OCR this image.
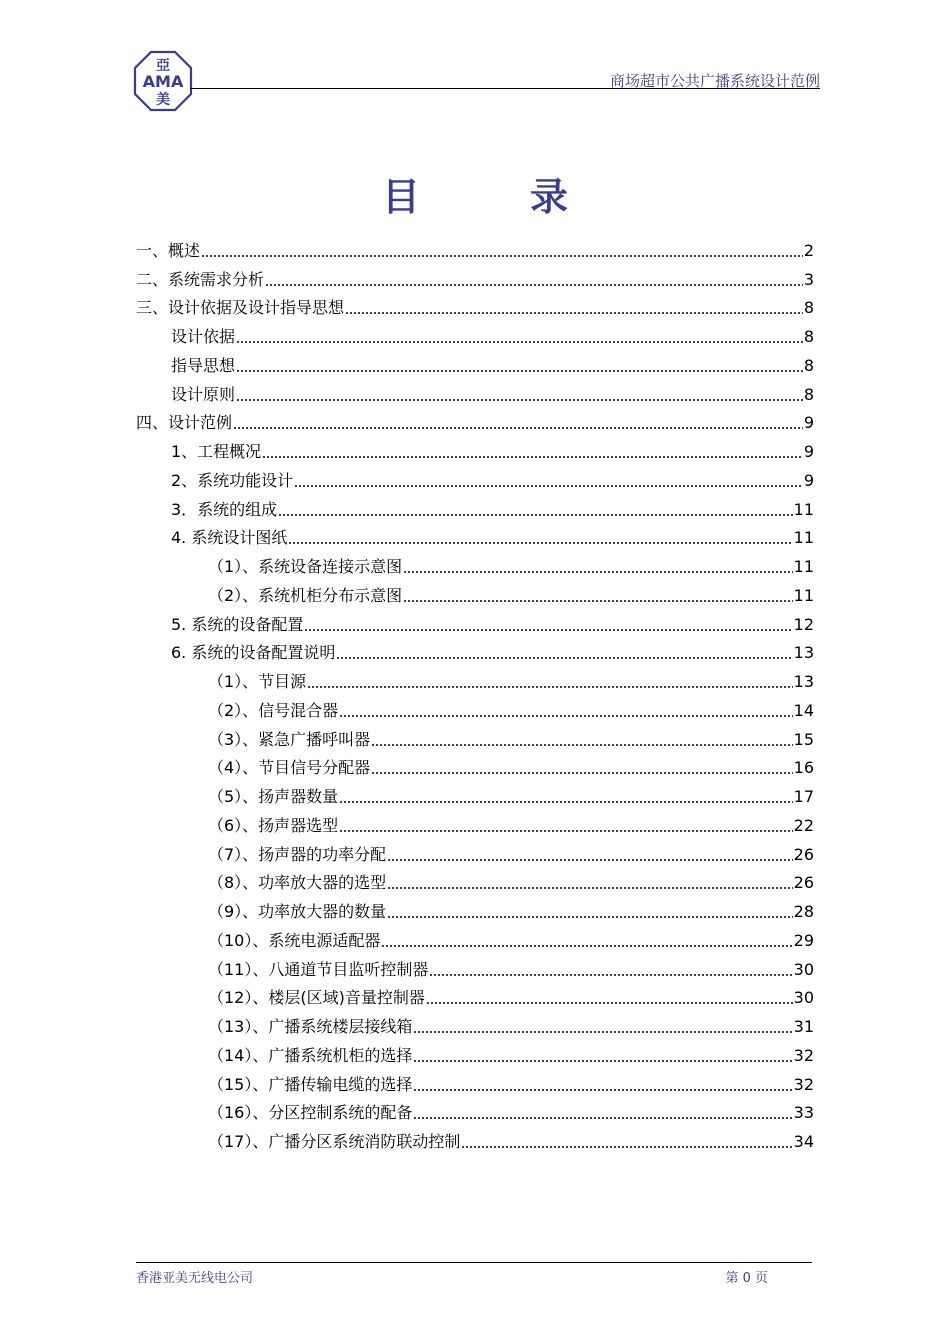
亞
AMA
美
商场超市公共广播系统设计范例
目录
一、概述	2
二、系统需求分析	3
三、设计依据及设计指导思想	8
设计依据	8
指导思想	8
设计原则	8
四、设计范例	9
1、工程概况	9
2、系统功能设计	9
3．系统的组成	11
4. 系统设计图纸	11
（1）、系统设备连接示意图	11
（2）、系统机柜分布示意图	11
5. 系统的设备配置	12
6. 系统的设备配置说明	13
（1）、节目源	13
（2）、信号混合器	14
（3）、紧急广播呼叫器	15
（4）、节目信号分配器	16
（5）、扬声器数量	17
（6）、扬声器选型	22
（7）、扬声器的功率分配	26
（8）、功率放大器的选型	26
（9）、功率放大器的数量	28
（10）、系统电源适配器	29
（11）、八通道节目监听控制器	30
（12）、楼层(区域)音量控制器	30
（13）、广播系统楼层接线箱	31
（14）、广播系统机柜的选择	32
（15）、广播传输电缆的选择	32
（16）、分区控制系统的配备	33
（17）、广播分区系统消防联动控制	34
香港亚美无线电公司	第 0 页
